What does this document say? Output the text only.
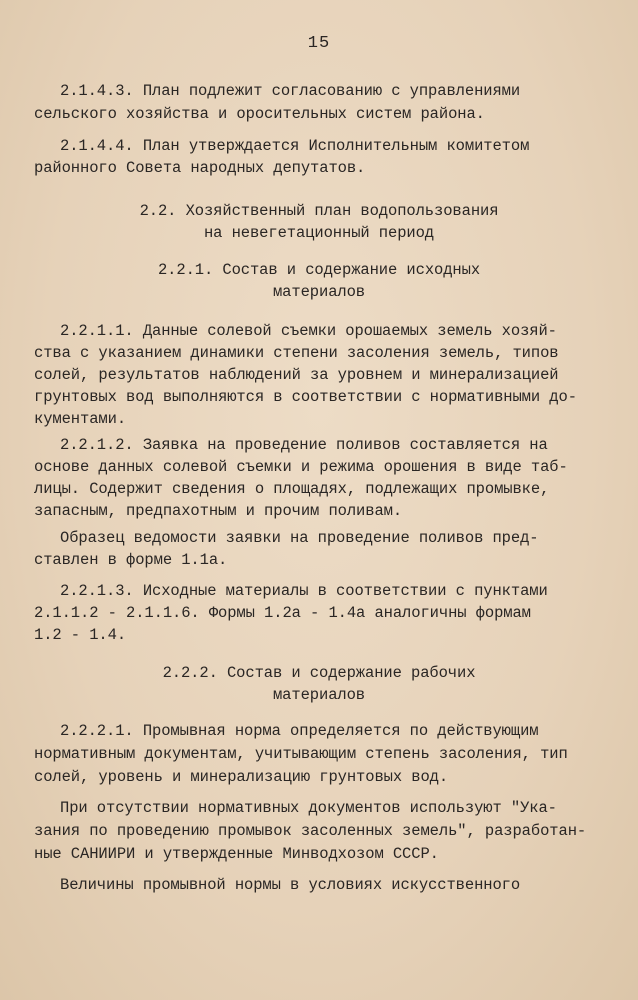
15
2.1.4.3. План подлежит согласованию с управлениями
сельского хозяйства и оросительных систем района.
2.1.4.4. План утверждается Исполнительным комитетом
районного Совета народных депутатов.
2.2. Хозяйственный план водопользования
на невегетационный период
2.2.1. Состав и содержание исходных
материалов
2.2.1.1. Данные солевой съемки орошаемых земель хозяй-
ства с указанием динамики степени засоления земель, типов
солей, результатов наблюдений за уровнем и минерализацией
грунтовых вод выполняются в соответствии с нормативными до-
кументами.
2.2.1.2. Заявка на проведение поливов составляется на
основе данных солевой съемки и режима орошения в виде таб-
лицы. Содержит сведения о площадях, подлежащих промывке,
запасным, предпахотным и прочим поливам.
Образец ведомости заявки на проведение поливов пред-
ставлен в форме 1.1а.
2.2.1.3. Исходные материалы в соответствии с пунктами
2.1.1.2 - 2.1.1.6. Формы 1.2а - 1.4а аналогичны формам
1.2 - 1.4.
2.2.2. Состав и содержание рабочих
материалов
2.2.2.1. Промывная норма определяется по действующим
нормативным документам, учитывающим степень засоления, тип
солей, уровень и минерализацию грунтовых вод.
При отсутствии нормативных документов используют "Ука-
зания по проведению промывок засоленных земель", разработан-
ные САНИИРИ и утвержденные Минводхозом СССР.
Величины промывной нормы в условиях искусственного
